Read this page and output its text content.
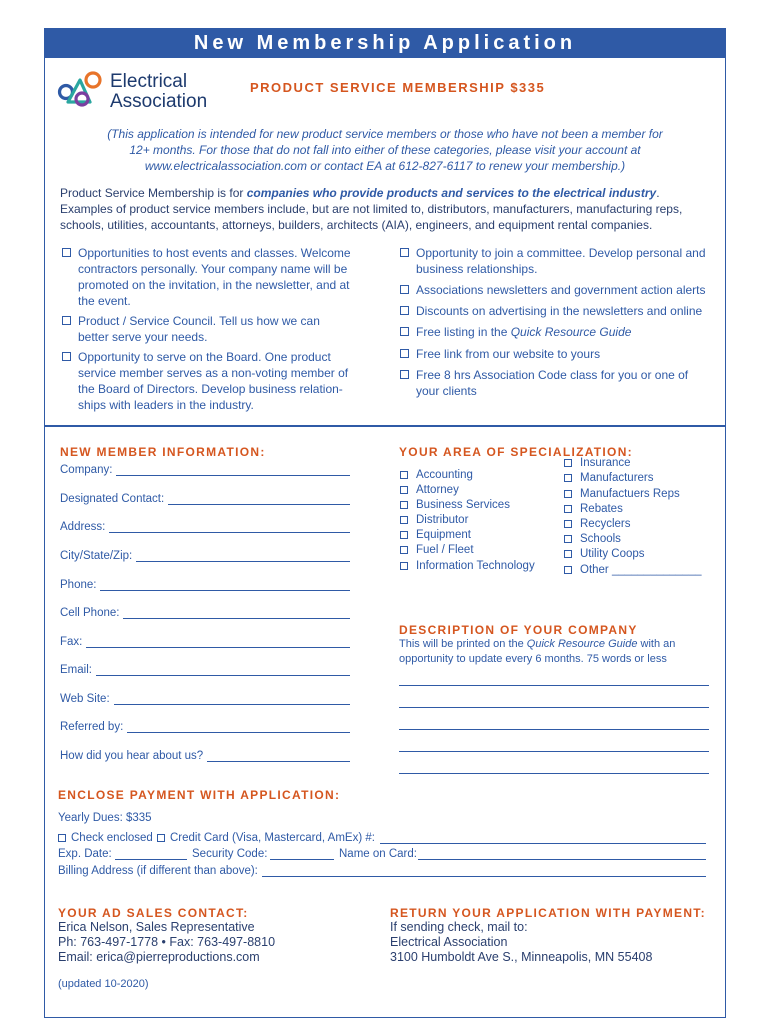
New Membership Application
Electrical
Association
PRODUCT SERVICE MEMBERSHIP $335
(This application is intended for new product service members or those who have not been a member for
12+ months. For those that do not fall into either of these categories, please visit your account at
www.electricalassociation.com or contact EA at 612-827-6117 to renew your membership.)
Product Service Membership is for companies who provide products and services to the electrical industry.
Examples of product service members include, but are not limited to, distributors, manufacturers, manufacturing reps,
schools, utilities, accountants, attorneys, builders, architects (AIA), engineers, and equipment rental companies.
Opportunities to host events and classes. Welcome contractors personally. Your company name will be promoted on the invitation, in the newsletter, and at the event.
Product / Service Council. Tell us how we can better serve your needs.
Opportunity to serve on the Board. One product service member serves as a non-voting member of the Board of Directors. Develop business relation-ships with leaders in the industry.
Opportunity to join a committee. Develop personal and business relationships.
Associations newsletters and government action alerts
Discounts on advertising in the newsletters and online
Free listing in the Quick Resource Guide
Free link from our website to yours
Free 8 hrs Association Code class for you or one of your clients
NEW MEMBER INFORMATION:
Company:
Designated Contact:
Address:
City/State/Zip:
Phone:
Cell Phone:
Fax:
Email:
Web Site:
Referred by:
How did you hear about us?
YOUR AREA OF SPECIALIZATION:
Accounting
Attorney
Business Services
Distributor
Equipment
Fuel / Fleet
Information Technology
Insurance
Manufacturers
Manufactuers Reps
Rebates
Recyclers
Schools
Utility Coops
Other ______________
DESCRIPTION OF YOUR COMPANY
This will be printed on the Quick Resource Guide with an
opportunity to update every 6 months. 75 words or less
ENCLOSE PAYMENT WITH APPLICATION:
Yearly Dues: $335
Check enclosed	Credit Card (Visa, Mastercard, AmEx) #:
Exp. Date:	Security Code:	Name on Card:
Billing Address (if different than above):
YOUR AD SALES CONTACT:
Erica Nelson, Sales Representative
Ph: 763-497-1778 • Fax: 763-497-8810
Email: erica@pierreproductions.com
RETURN YOUR APPLICATION WITH PAYMENT:
If sending check, mail to:
Electrical Association
3100 Humboldt Ave S., Minneapolis, MN 55408
(updated 10-2020)
